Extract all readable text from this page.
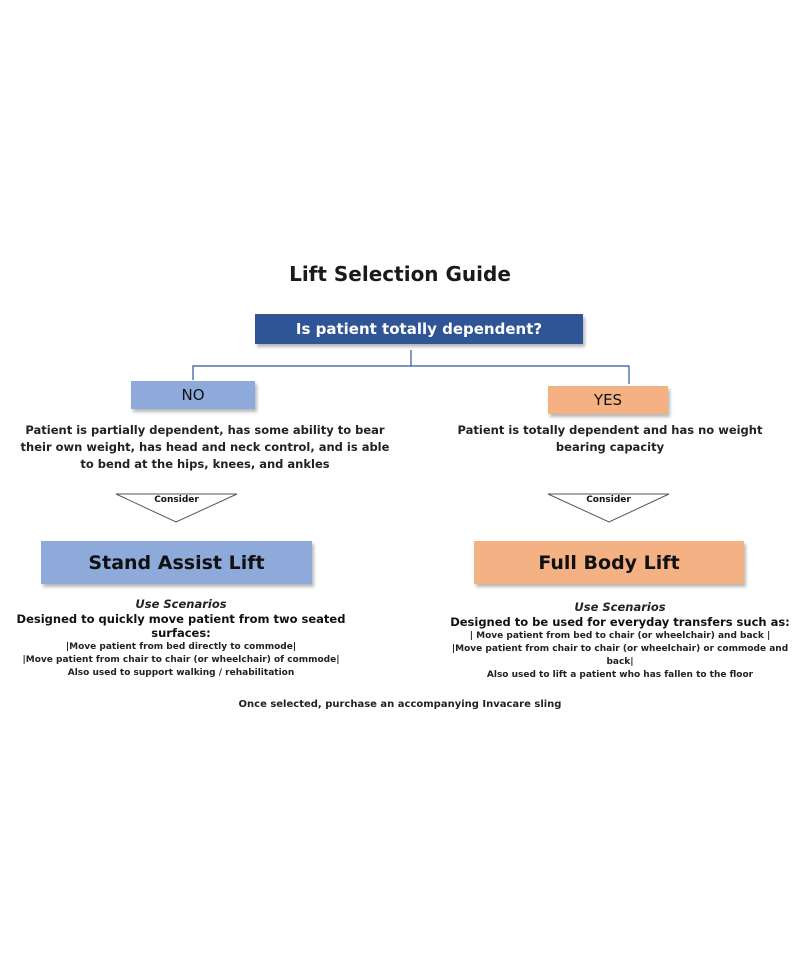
Lift Selection Guide
Is patient totally dependent?
NO	YES
Patient is partially dependent, has some ability to bear their own weight, has head and neck control, and is able to bend at the hips, knees, and ankles
Patient is totally dependent and has no weight bearing capacity
Consider	Consider
Stand Assist Lift	Full Body Lift
Use Scenarios
Designed to quickly move patient from two seated surfaces:
|Move patient from bed directly to commode|
|Move patient from chair to chair (or wheelchair) of commode|
Also used to support walking / rehabilitation
Use Scenarios
Designed to be used for everyday transfers such as:
| Move patient from bed to chair (or wheelchair) and back |
|Move patient from chair to chair (or wheelchair) or commode and back|
Also used to lift a patient who has fallen to the floor
Once selected, purchase an accompanying Invacare sling
